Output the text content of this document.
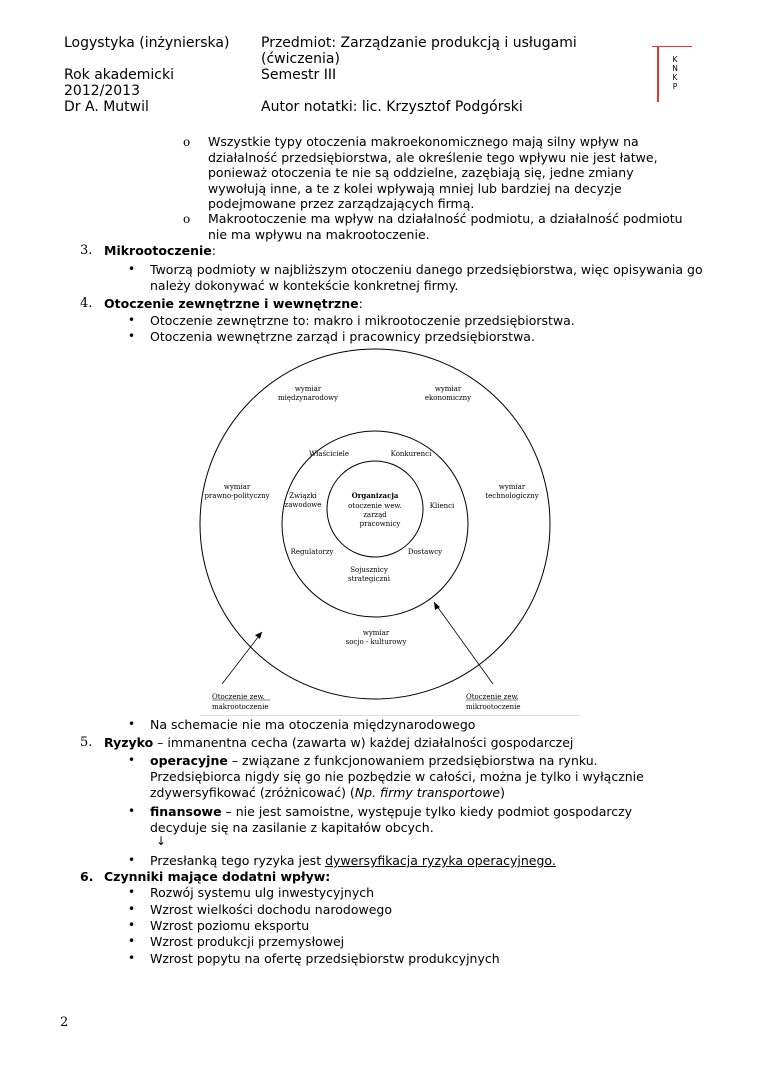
Logystyka (inżynierska)
Rok akademicki
2012/2013
Dr A. Mutwil
Przedmiot: Zarządzanie produkcją i usługami
(ćwiczenia)
Semestr III
Autor notatki: lic. Krzysztof Podgórski
K
N
K
P
o Wszystkie typy otoczenia makroekonomicznego mają silny wpływ na działalność przedsiębiorstwa, ale określenie tego wpływu nie jest łatwe, ponieważ otoczenia te nie są oddzielne, zazębiają się, jedne zmiany wywołują inne, a te z kolei wpływają mniej lub bardziej na decyzje podejmowane przez zarządzających firmą.
o Makrootoczenie ma wpływ na działalność podmiotu, a działalność podmiotu nie ma wpływu na makrootoczenie.
3. Mikrootoczenie:
• Tworzą podmioty w najbliższym otoczeniu danego przedsiębiorstwa, więc opisywania go należy dokonywać w kontekście konkretnej firmy.
4. Otoczenie zewnętrzne i wewnętrzne:
• Otoczenie zewnętrzne to: makro i mikrootoczenie przedsiębiorstwa.
• Otoczenia wewnętrzne zarząd i pracownicy przedsiębiorstwa.
wymiar
międzynarodowy
wymiar
ekonomiczny
wymiar
prawno-polityczny
wymiar
technologiczny
wymiar
socjo - kulturowy
Właściciele	Konkurenci
Związki
zawodowe	Klienci
Regulatorzy	Dostawcy
Sojusznicy
strategiczni
Organizacja
otoczenie wew.
zarząd
pracownicy
Otoczenie zew.
makrootoczenie
Otoczenie zew.
mikrootoczenie
• Na schemacie nie ma otoczenia międzynarodowego
5. Ryzyko – immanentna cecha (zawarta w) każdej działalności gospodarczej
• operacyjne – związane z funkcjonowaniem przedsiębiorstwa na rynku.
Przedsiębiorca nigdy się go nie pozbędzie w całości, można je tylko i wyłącznie
zdywersyfikować (zróżnicować) (Np. firmy transportowe)
• finansowe – nie jest samoistne, występuje tylko kiedy podmiot gospodarczy
decyduje się na zasilanie z kapitałów obcych.
↓
• Przesłanką tego ryzyka jest dywersyfikacja ryzyka operacyjnego.
6. Czynniki mające dodatni wpływ:
• Rozwój systemu ulg inwestycyjnych
• Wzrost wielkości dochodu narodowego
• Wzrost poziomu eksportu
• Wzrost produkcji przemysłowej
• Wzrost popytu na ofertę przedsiębiorstw produkcyjnych
2
